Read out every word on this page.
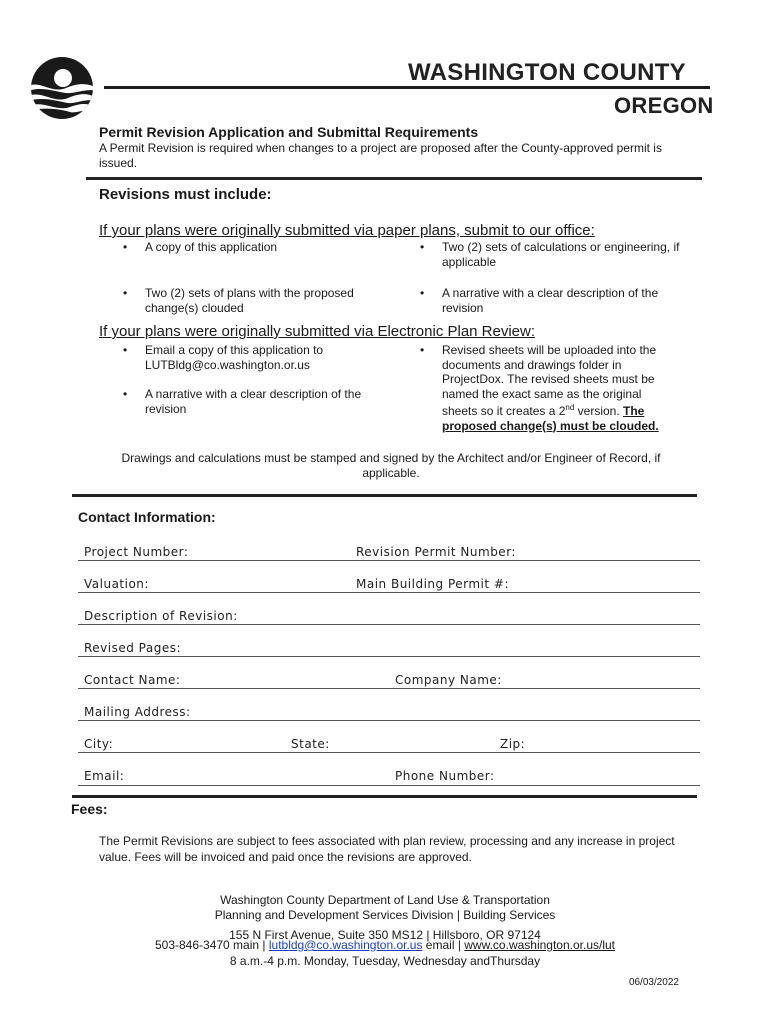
WASHINGTON COUNTY
OREGON
Permit Revision Application and Submittal Requirements
A Permit Revision is required when changes to a project are proposed after the County-approved permit is issued.
Revisions must include:
If your plans were originally submitted via paper plans, submit to our office:
• A copy of this application	• Two (2) sets of calculations or engineering, if applicable
• Two (2) sets of plans with the proposed change(s) clouded
• A narrative with a clear description of the revision
If your plans were originally submitted via Electronic Plan Review:
• Email a copy of this application to
LUTBldg@co.washington.or.us
• A narrative with a clear description of the revision
• Revised sheets will be uploaded into the documents and drawings folder in ProjectDox. The revised sheets must be named the exact same as the original sheets so it creates a 2nd version. The proposed change(s) must be clouded.
Drawings and calculations must be stamped and signed by the Architect and/or Engineer of Record, if applicable.
Contact Information:
Project Number:	Revision Permit Number:
Valuation:	Main Building Permit #:
Description of Revision:
Revised Pages:
Contact Name:	Company Name:
Mailing Address:
City:	State:	Zip:
Email:	Phone Number:
Fees:
The Permit Revisions are subject to fees associated with plan review, processing and any increase in project value. Fees will be invoiced and paid once the revisions are approved.
Washington County Department of Land Use & Transportation
Planning and Development Services Division | Building Services
155 N First Avenue, Suite 350 MS12 | Hillsboro, OR 97124
503-846-3470 main | lutbldg@co.washington.or.us email | www.co.washington.or.us/lut
8 a.m.-4 p.m. Monday, Tuesday, Wednesday andThursday
06/03/2022
